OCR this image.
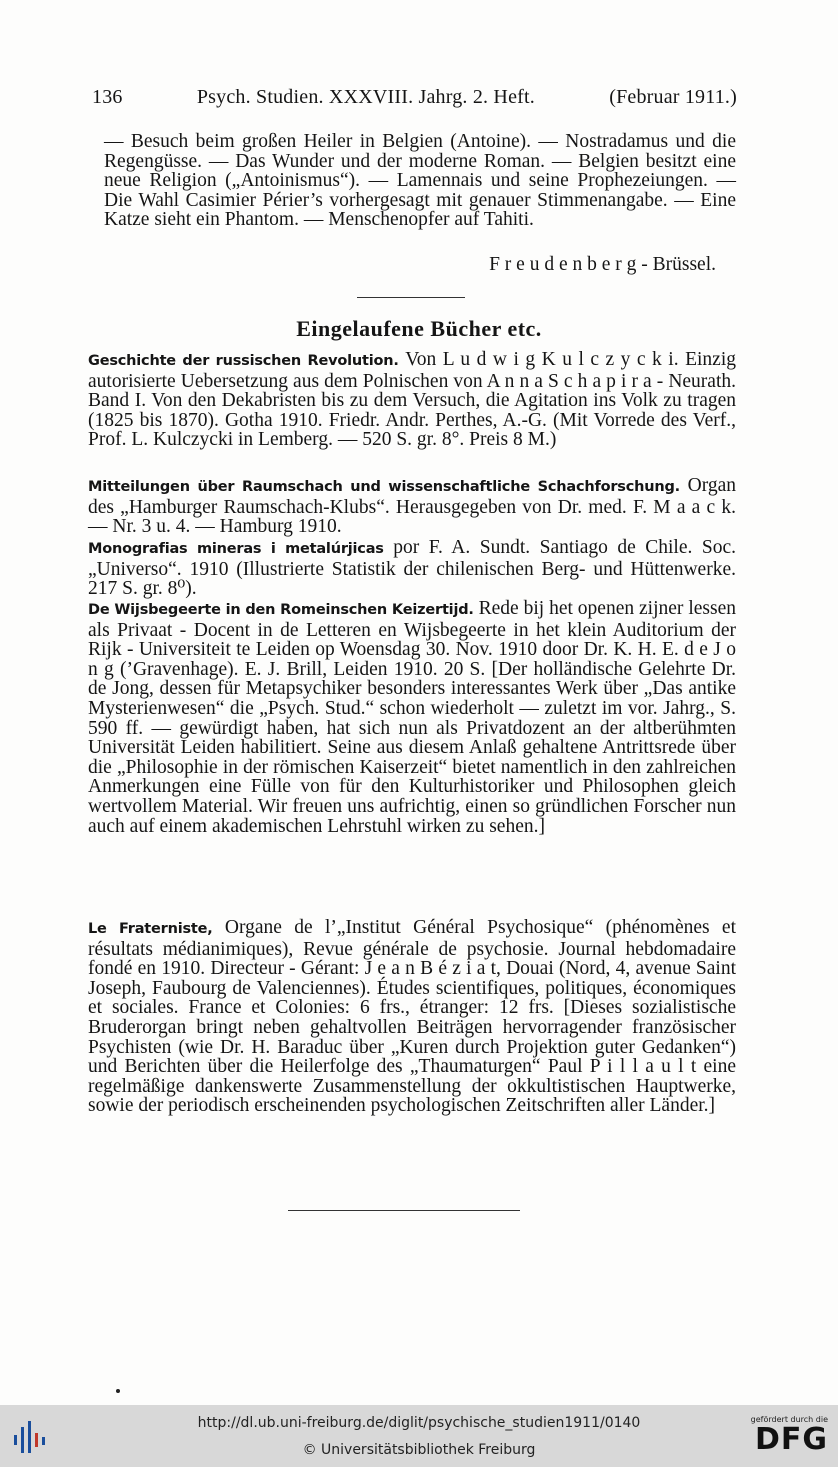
136	Psych. Studien. XXXVIII. Jahrg. 2. Heft.	(Februar 1911.)
— Besuch beim großen Heiler in Belgien (Antoine). — Nostradamus und die Regengüsse. — Das Wunder und der moderne Roman. — Belgien besitzt eine neue Religion („Antoinismus“). — Lamennais und seine Prophezeiungen. — Die Wahl Casimier Périer’s vorhergesagt mit genauer Stimmenangabe. — Eine Katze sieht ein Phantom. — Menschenopfer auf Tahiti.
F r e u d e n b e r g - Brüssel.
Eingelaufene Bücher etc.
Geschichte der russischen Revolution. Von L u d w i g K u l c z y c k i. Einzig autorisierte Uebersetzung aus dem Polnischen von A n n a S c h a p i r a - Neurath. Band I. Von den Dekabristen bis zu dem Versuch, die Agitation ins Volk zu tragen (1825 bis 1870). Gotha 1910. Friedr. Andr. Perthes, A.-G. (Mit Vorrede des Verf., Prof. L. Kulczycki in Lemberg. — 520 S. gr. 8°. Preis 8 M.)
Mitteilungen über Raumschach und wissenschaftliche Schachforschung. Organ des „Hamburger Raumschach-Klubs“. Herausgegeben von Dr. med. F. M a a c k. — Nr. 3 u. 4. — Hamburg 1910.
Monografias mineras i metalúrjicas por F. A. Sundt. Santiago de Chile. Soc. „Universo“. 1910 (Illustrierte Statistik der chilenischen Berg- und Hüttenwerke. 217 S. gr. 8⁰).
De Wijsbegeerte in den Romeinschen Keizertijd. Rede bij het openen zijner lessen als Privaat - Docent in de Letteren en Wijsbegeerte in het klein Auditorium der Rijk - Universiteit te Leiden op Woensdag 30. Nov. 1910 door Dr. K. H. E. d e J o n g (’Gravenhage). E. J. Brill, Leiden 1910. 20 S. [Der holländische Gelehrte Dr. de Jong, dessen für Metapsychiker besonders interessantes Werk über „Das antike Mysterienwesen“ die „Psych. Stud.“ schon wiederholt — zuletzt im vor. Jahrg., S. 590 ff. — gewürdigt haben, hat sich nun als Privatdozent an der altberühmten Universität Leiden habilitiert. Seine aus diesem Anlaß gehaltene Antrittsrede über die „Philosophie in der römischen Kaiserzeit“ bietet namentlich in den zahlreichen Anmerkungen eine Fülle von für den Kulturhistoriker und Philosophen gleich wertvollem Material. Wir freuen uns aufrichtig, einen so gründlichen Forscher nun auch auf einem akademischen Lehrstuhl wirken zu sehen.]
Le Fraterniste, Organe de l’„Institut Général Psychosique“ (phénomènes et résultats médianimiques), Revue générale de psychosie. Journal hebdomadaire fondé en 1910. Directeur - Gérant: J e a n B é z i a t, Douai (Nord, 4, avenue Saint Joseph, Faubourg de Valenciennes). Études scientifiques, politiques, économiques et sociales. France et Colonies: 6 frs., étranger: 12 frs. [Dieses sozialistische Bruderorgan bringt neben gehaltvollen Beiträgen hervorragender französischer Psychisten (wie Dr. H. Baraduc über „Kuren durch Projektion guter Gedanken“) und Berichten über die Heilerfolge des „Thaumaturgen“ Paul P i l l a u l t eine regelmäßige dankenswerte Zusammenstellung der okkultistischen Hauptwerke, sowie der periodisch erscheinenden psychologischen Zeitschriften aller Länder.]
http://dl.ub.uni-freiburg.de/diglit/psychische_studien1911/0140
© Universitätsbibliothek Freiburg
gefördert durch die
DFG
